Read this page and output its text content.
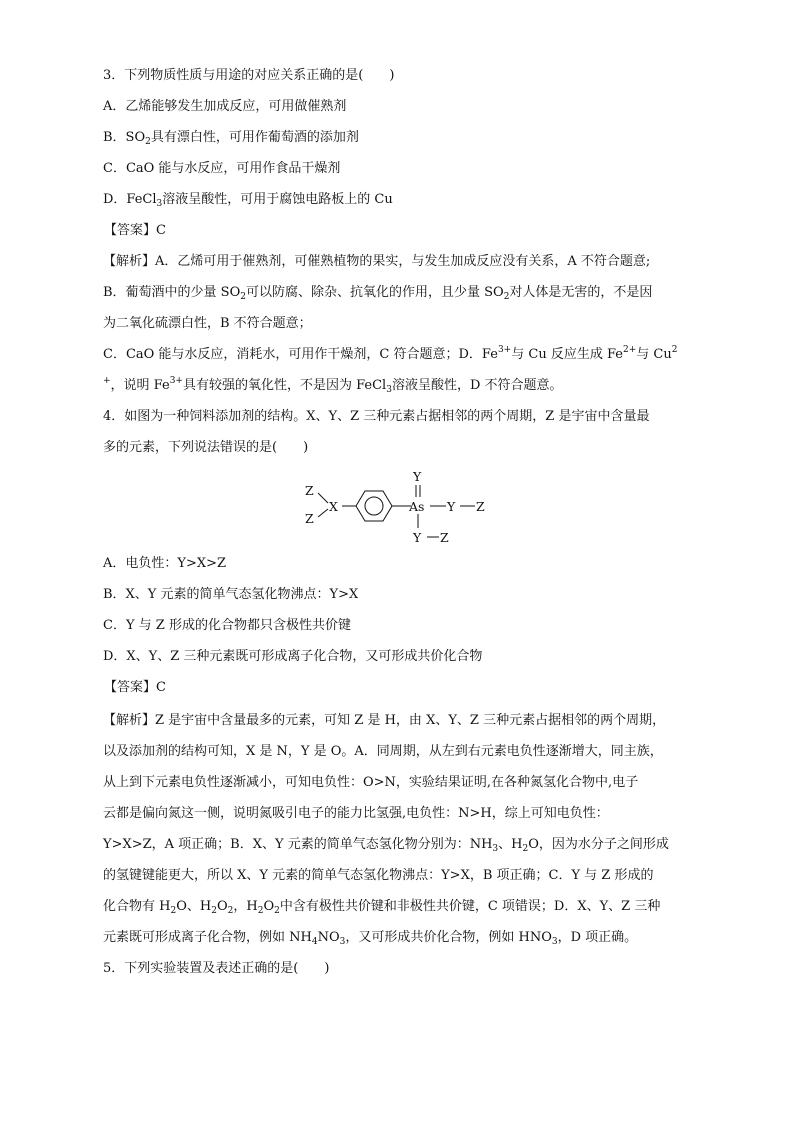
3．下列物质性质与用途的对应关系正确的是(　　)
A．乙烯能够发生加成反应，可用做催熟剂
B．$SO_2$具有漂白性，可用作葡萄酒的添加剂
C．CaO 能与水反应，可用作食品干燥剂
D．FeCl$_3$溶液呈酸性，可用于腐蚀电路板上的 Cu
【答案】C
【解析】A．乙烯可用于催熟剂，可催熟植物的果实，与发生加成反应没有关系，A 不符合题意;
B．葡萄酒中的少量 $SO_2$可以防腐、除杂、抗氧化的作用，且少量 $SO_2$对人体是无害的，不是因
为二氧化硫漂白性，B 不符合题意；
C．CaO 能与水反应，消耗水，可用作干燥剂，C 符合题意；D．$Fe^{3+}$与 Cu 反应生成 $Fe^{2+}$与 Cu$^2$
+，说明 $Fe^{3+}$具有较强的氧化性，不是因为 FeCl$_3$溶液呈酸性，D 不符合题意。
4．如图为一种饲料添加剂的结构。X、Y、Z 三种元素占据相邻的两个周期，Z 是宇宙中含量最
多的元素，下列说法错误的是(　　)
Z
Z
X	As
Y
Y Z
Y Z
A．电负性：Y>X>Z
B．X、Y 元素的简单气态氢化物沸点：Y>X
C．Y 与 Z 形成的化合物都只含极性共价键
D．X、Y、Z 三种元素既可形成离子化合物，又可形成共价化合物
【答案】C
【解析】Z 是宇宙中含量最多的元素，可知 Z 是 H，由 X、Y、Z 三种元素占据相邻的两个周期，
以及添加剂的结构可知，X 是 N，Y 是 O。A．同周期，从左到右元素电负性逐渐增大，同主族，
从上到下元素电负性逐渐减小，可知电负性：O>N，实验结果证明,在各种氮氢化合物中,电子
云都是偏向氮这一侧，说明氮吸引电子的能力比氢强,电负性：N>H，综上可知电负性：
Y>X>Z，A 项正确；B．X、Y 元素的简单气态氢化物分别为：$NH_3$、$H_2O$，因为水分子之间形成
的氢键键能更大，所以 X、Y 元素的简单气态氢化物沸点：Y>X，B 项正确；C．Y 与 Z 形成的
化合物有 $H_2O$、$H_2O_2$，$H_2O_2$中含有极性共价键和非极性共价键，C 项错误；D．X、Y、Z 三种
元素既可形成离子化合物，例如 $NH_4NO_3$，又可形成共价化合物，例如 $HNO_3$，D 项正确。
5．下列实验装置及表述正确的是(　　)
